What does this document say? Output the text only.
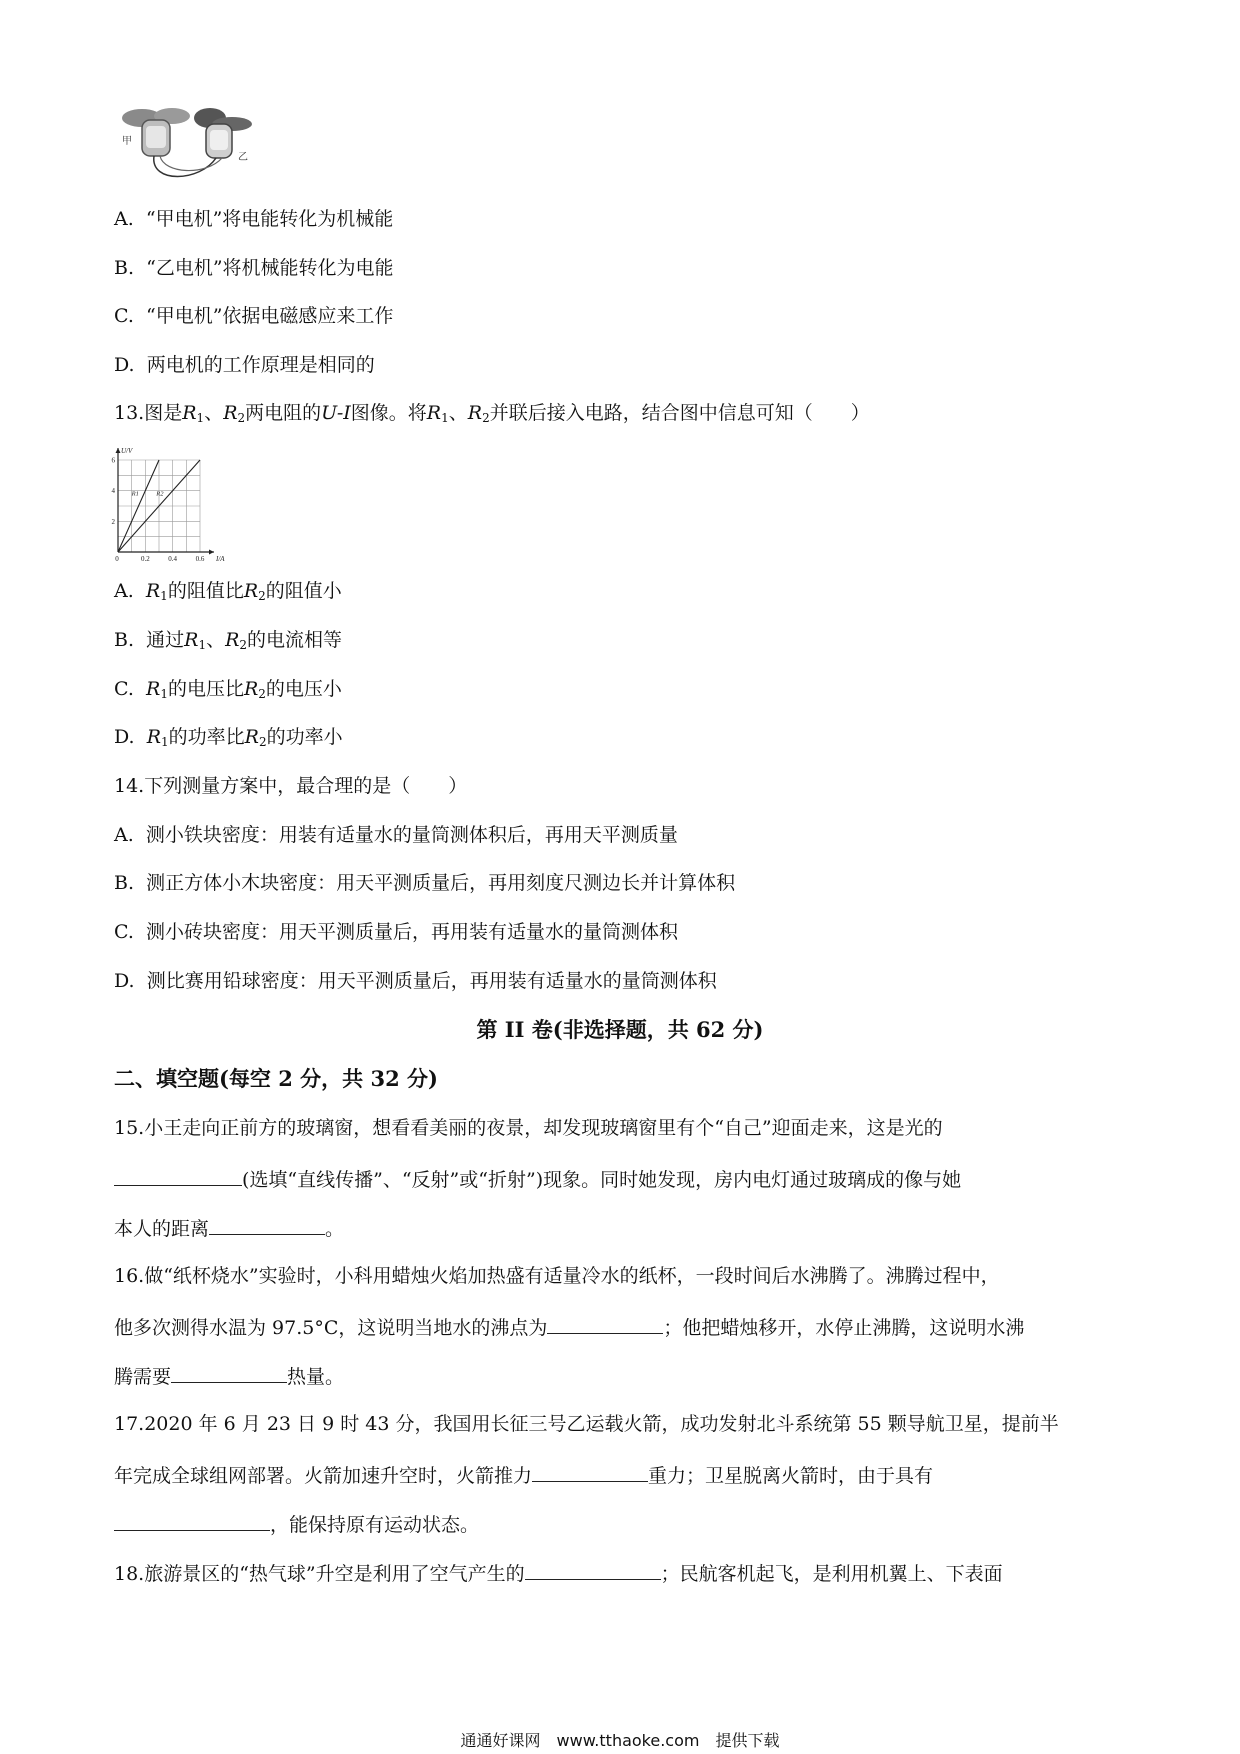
甲
乙
A. “甲电机”将电能转化为机械能
B. “乙电机”将机械能转化为电能
C. “甲电机”依据电磁感应来工作
D. 两电机的工作原理是相同的
13.图是$R_1$、$R_2$两电阻的U-I图像。将$R_1$、$R_2$并联后接入电路，结合图中信息可知（　　）
0.2	0.4	0.6
2
4
6
0	I/A
U/V
R1	R2
A. $R_1$的阻值比$R_2$的阻值小
B. 通过$R_1$、$R_2$的电流相等
C. $R_1$的电压比$R_2$的电压小
D. $R_1$的功率比$R_2$的功率小
14.下列测量方案中，最合理的是（　　）
A. 测小铁块密度：用装有适量水的量筒测体积后，再用天平测质量
B. 测正方体小木块密度：用天平测质量后，再用刻度尺测边长并计算体积
C. 测小砖块密度：用天平测质量后，再用装有适量水的量筒测体积
D. 测比赛用铅球密度：用天平测质量后，再用装有适量水的量筒测体积
第 II 卷(非选择题，共 62 分)
二、填空题(每空 2 分，共 32 分)
15.小王走向正前方的玻璃窗，想看看美丽的夜景，却发现玻璃窗里有个“自己”迎面走来，这是光的
(选填“直线传播”、“反射”或“折射”)现象。同时她发现，房内电灯通过玻璃成的像与她
本人的距离	。
16.做“纸杯烧水”实验时，小科用蜡烛火焰加热盛有适量冷水的纸杯，一段时间后水沸腾了。沸腾过程中，
他多次测得水温为 97.5°C，这说明当地水的沸点为	；他把蜡烛移开，水停止沸腾，这说明水沸
腾需要	热量。
17.2020 年 6 月 23 日 9 时 43 分，我国用长征三号乙运载火箭，成功发射北斗系统第 55 颗导航卫星，提前半
年完成全球组网部署。火箭加速升空时，火箭推力	重力；卫星脱离火箭时，由于具有
，能保持原有运动状态。
18.旅游景区的“热气球”升空是利用了空气产生的	；民航客机起飞，是利用机翼上、下表面
通通好课网　www.tthaoke.com　提供下载
